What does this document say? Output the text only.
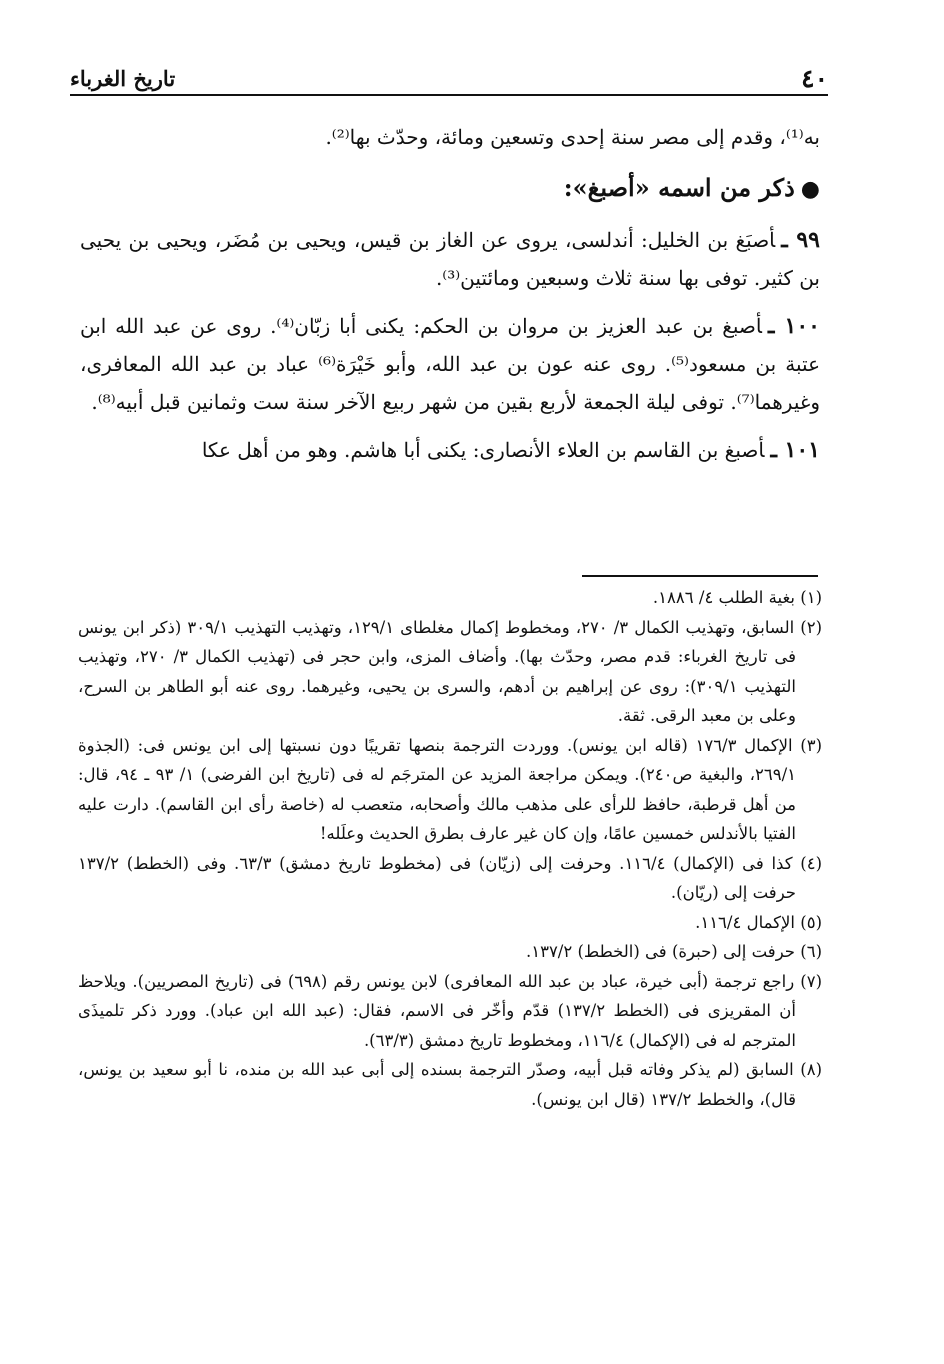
٤٠
تاريخ الغرباء

به⁽¹⁾، وقدم إلى مصر سنة إحدى وتسعين ومائة، وحدّث بها⁽²⁾.

●ذكر من اسمه «أصبغ»:

٩٩ ـأصبَغ بن الخليل: أندلسى، يروى عن الغاز بن قيس، ويحيى بن مُضَر، ويحيى بن يحيى بن كثير. توفى بها سنة ثلاث وسبعين ومائتين⁽³⁾.

١٠٠ ـأصبغ بن عبد العزيز بن مروان بن الحكم: يكنى أبا زبّان⁽⁴⁾. روى عن عبد الله ابن عتبة بن مسعود⁽⁵⁾. روى عنه عون بن عبد الله، وأبو خَيْرَة⁽⁶⁾ عباد بن عبد الله المعافرى، وغيرهما⁽⁷⁾. توفى ليلة الجمعة لأربع بقين من شهر ربيع الآخر سنة ست وثمانين قبل أبيه⁽⁸⁾.

١٠١ ـأصبغ بن القاسم بن العلاء الأنصارى: يكنى أبا هاشم. وهو من أهل عكا

(١) بغية الطلب ٤/ ١٨٨٦.

(٢) السابق، وتهذيب الكمال ٣/ ٢٧٠، ومخطوط إكمال مغلطاى ١٢٩/١، وتهذيب التهذيب ٣٠٩/١ (ذكر ابن يونس فى تاريخ الغرباء: قدم مصر، وحدّث بها). وأضاف المزى، وابن حجر فى (تهذيب الكمال ٣/ ٢٧٠، وتهذيب التهذيب ٣٠٩/١): روى عن إبراهيم بن أدهم، والسرى بن يحيى، وغيرهما. روى عنه أبو الطاهر بن السرح، وعلى بن معبد الرقى. ثقة.

(٣) الإكمال ١٧٦/٣ (قاله ابن يونس). ووردت الترجمة بنصها تقريبًا دون نسبتها إلى ابن يونس فى: (الجذوة ٢٦٩/١، والبغية ص٢٤٠). ويمكن مراجعة المزيد عن المترجَم له فى (تاريخ ابن الفرضى) ١/ ٩٣ ـ ٩٤، قال: من أهل قرطبة، حافظ للرأى على مذهب مالك وأصحابه، متعصب له (خاصة رأى ابن القاسم). دارت عليه الفتيا بالأندلس خمسين عامًا، وإن كان غير عارف بطرق الحديث وعلَله!

(٤) كذا فى (الإكمال) ١١٦/٤. وحرفت إلى (زيّان) فى (مخطوط تاريخ دمشق) ٦٣/٣. وفى (الخطط) ١٣٧/٢ حرفت إلى (ريّان).

(٥) الإكمال ١١٦/٤.

(٦) حرفت إلى (حبرة) فى (الخطط) ١٣٧/٢.

(٧) راجع ترجمة (أبى خيرة، عباد بن عبد الله المعافرى) لابن يونس رقم (٦٩٨) فى (تاريخ المصريين). ويلاحظ أن المقريزى فى (الخطط ١٣٧/٢) قدّم وأخّر فى الاسم، فقال: (عبد الله ابن عباد). وورد ذكر تلميذَى المترجم له فى (الإكمال) ١١٦/٤، ومخطوط تاريخ دمشق (٦٣/٣).

(٨) السابق (لم يذكر وفاته قبل أبيه، وصدّر الترجمة بسنده إلى أبى عبد الله بن منده، نا أبو سعيد بن يونس، قال)، والخطط ١٣٧/٢ (قال ابن يونس).
